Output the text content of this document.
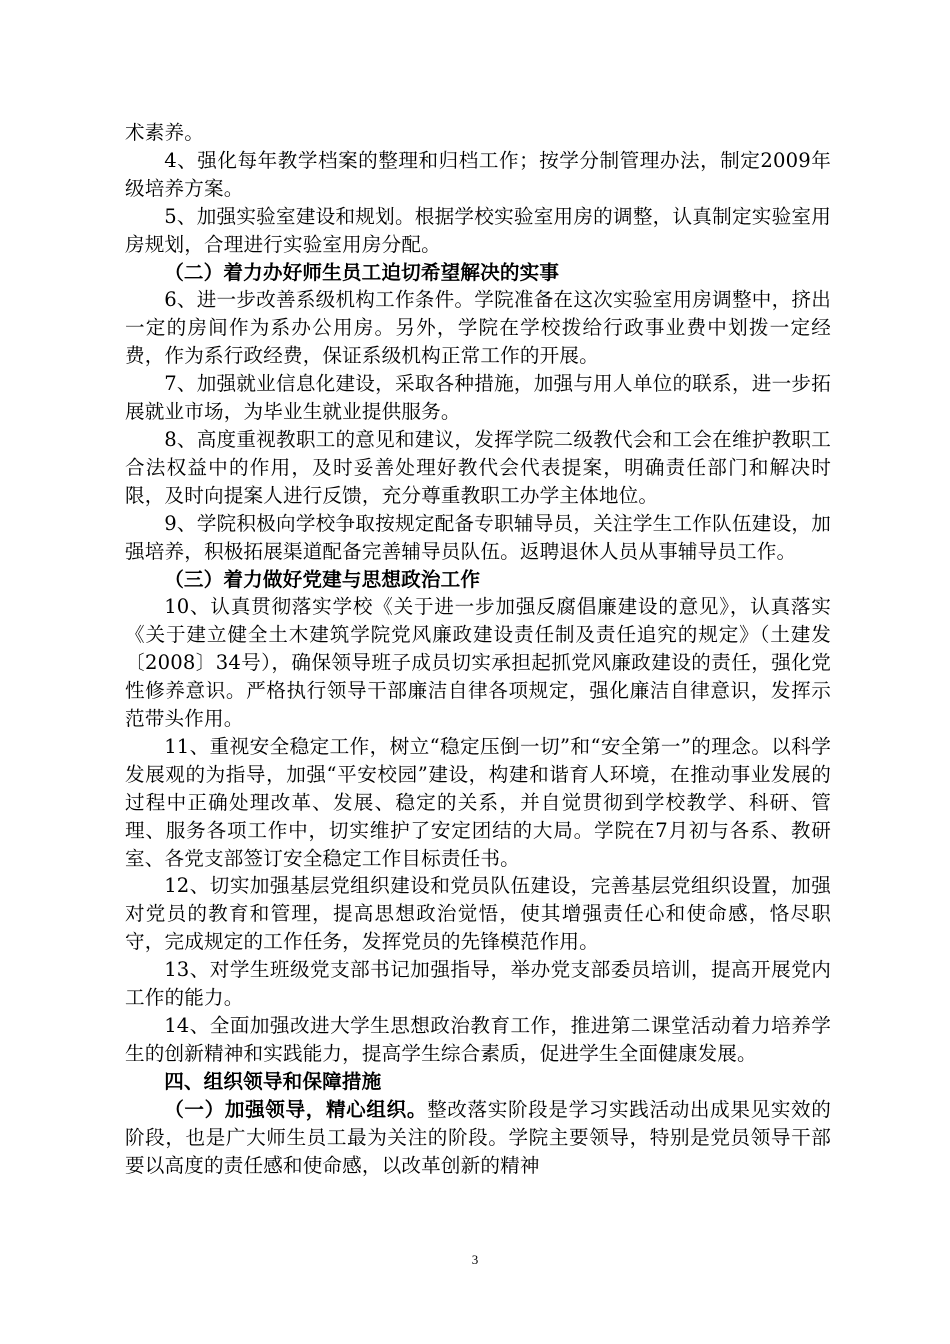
术素养。

4、强化每年教学档案的整理和归档工作；按学分制管理办法，制定2009年级培养方案。

5、加强实验室建设和规划。根据学校实验室用房的调整，认真制定实验室用房规划，合理进行实验室用房分配。

（二）着力办好师生员工迫切希望解决的实事

6、进一步改善系级机构工作条件。学院准备在这次实验室用房调整中，挤出一定的房间作为系办公用房。另外，学院在学校拨给行政事业费中划拨一定经费，作为系行政经费，保证系级机构正常工作的开展。

7、加强就业信息化建设，采取各种措施，加强与用人单位的联系，进一步拓展就业市场，为毕业生就业提供服务。

8、高度重视教职工的意见和建议，发挥学院二级教代会和工会在维护教职工合法权益中的作用，及时妥善处理好教代会代表提案，明确责任部门和解决时限，及时向提案人进行反馈，充分尊重教职工办学主体地位。

9、学院积极向学校争取按规定配备专职辅导员，关注学生工作队伍建设，加强培养，积极拓展渠道配备完善辅导员队伍。返聘退休人员从事辅导员工作。

（三）着力做好党建与思想政治工作

10、认真贯彻落实学校《关于进一步加强反腐倡廉建设的意见》，认真落实《关于建立健全土木建筑学院党风廉政建设责任制及责任追究的规定》（土建发〔2008〕34号），确保领导班子成员切实承担起抓党风廉政建设的责任，强化党性修养意识。严格执行领导干部廉洁自律各项规定，强化廉洁自律意识，发挥示范带头作用。

11、重视安全稳定工作，树立“稳定压倒一切”和“安全第一”的理念。以科学发展观的为指导，加强“平安校园”建设，构建和谐育人环境，在推动事业发展的过程中正确处理改革、发展、稳定的关系，并自觉贯彻到学校教学、科研、管理、服务各项工作中，切实维护了安定团结的大局。学院在7月初与各系、教研室、各党支部签订安全稳定工作目标责任书。

12、切实加强基层党组织建设和党员队伍建设，完善基层党组织设置，加强对党员的教育和管理，提高思想政治觉悟，使其增强责任心和使命感，恪尽职守，完成规定的工作任务，发挥党员的先锋模范作用。

13、对学生班级党支部书记加强指导，举办党支部委员培训，提高开展党内工作的能力。

14、全面加强改进大学生思想政治教育工作，推进第二课堂活动着力培养学生的创新精神和实践能力，提高学生综合素质，促进学生全面健康发展。

四、组织领导和保障措施

（一）加强领导，精心组织。整改落实阶段是学习实践活动出成果见实效的阶段，也是广大师生员工最为关注的阶段。学院主要领导，特别是党员领导干部要以高度的责任感和使命感，以改革创新的精神

3
